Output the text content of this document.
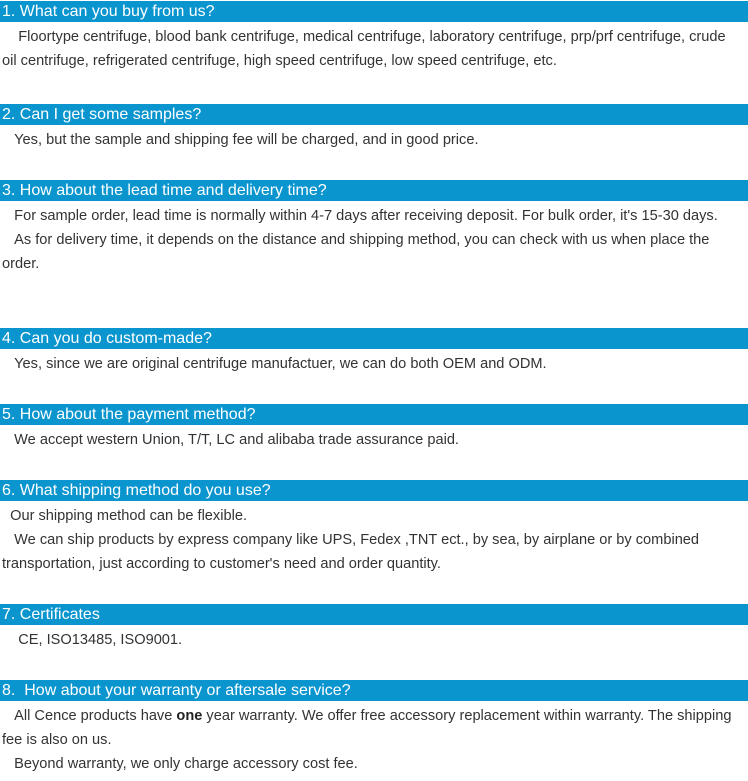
1. What can you buy from us?

Floortype centrifuge, blood bank centrifuge, medical centrifuge, laboratory centrifuge, prp/prf centrifuge, crude oil centrifuge, refrigerated centrifuge, high speed centrifuge, low speed centrifuge, etc.

2. Can I get some samples?

Yes, but the sample and shipping fee will be charged, and in good price.

3. How about the lead time and delivery time?

For sample order, lead time is normally within 4-7 days after receiving deposit. For bulk order, it's 15-30 days.

As for delivery time, it depends on the distance and shipping method, you can check with us when place the order.

4. Can you do custom-made?

Yes, since we are original centrifuge manufactuer, we can do both OEM and ODM.

5. How about the payment method?

We accept western Union, T/T, LC and alibaba trade assurance paid.

6. What shipping method do you use?

Our shipping method can be flexible.

We can ship products by express company like UPS, Fedex ,TNT ect., by sea, by airplane or by combined transportation, just according to customer's need and order quantity.

7. Certificates

CE, ISO13485, ISO9001.

8.  How about your warranty or aftersale service?

All Cence products have one year warranty. We offer free accessory replacement within warranty. The shipping fee is also on us.

Beyond warranty, we only charge accessory cost fee.
